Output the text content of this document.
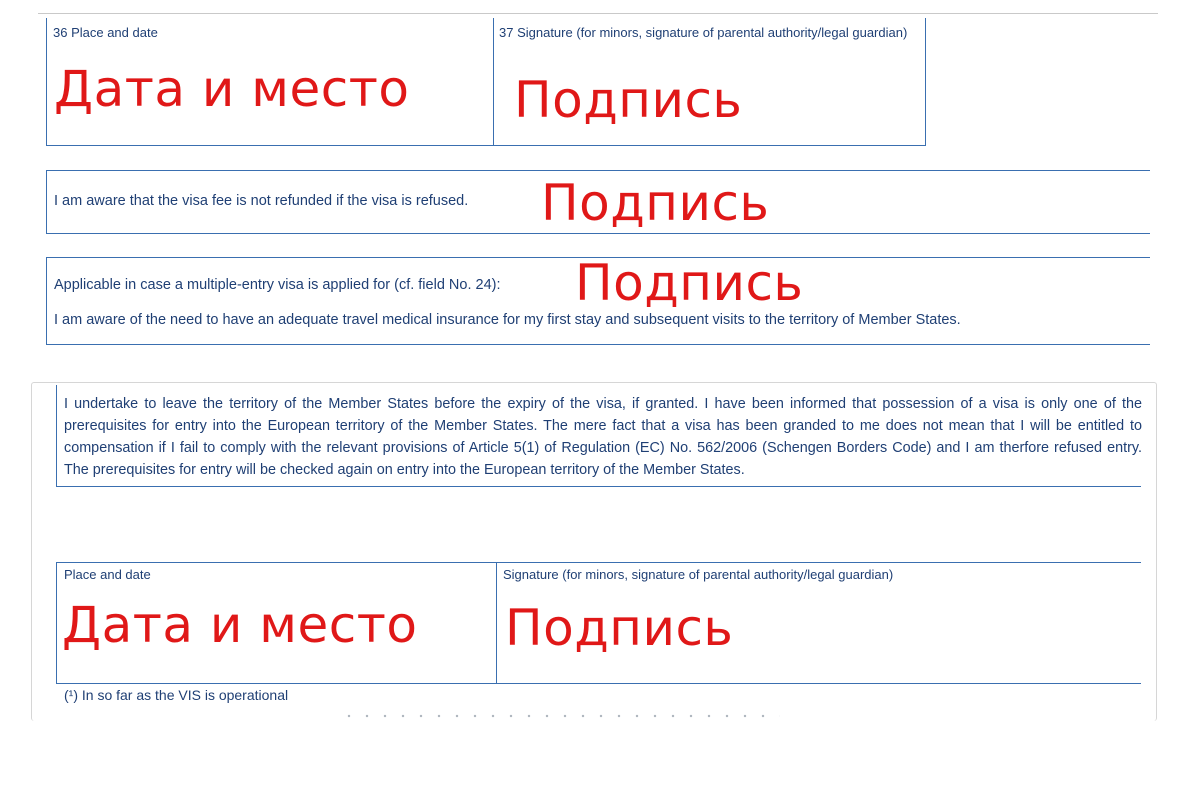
36 Place and date	37 Signature (for minors, signature of parental authority/legal guardian)
Дата и место Подпись
I am aware that the visa fee is not refunded if the visa is refused. Подпись
Applicable in case a multiple-entry visa is applied for (cf. field No. 24): Подпись
I am aware of the need to have an adequate travel medical insurance for my first stay and subsequent visits to the territory of Member States.
I undertake to leave the territory of the Member States before the expiry of the visa, if granted. I have been informed that possession of a visa is only one of the prerequisites for entry into the European territory of the Member States. The mere fact that a visa has been granded to me does not mean that I will be entitled to compensation if I fail to comply with the relevant provisions of Article 5(1) of Regulation (EC) No. 562/2006 (Schengen Borders Code) and I am therfore refused entry. The prerequisites for entry will be checked again on entry into the European territory of the Member States.
Place and date	Signature (for minors, signature of parental authority/legal guardian)
Дата и место Подпись
(¹) In so far as the VIS is operational
